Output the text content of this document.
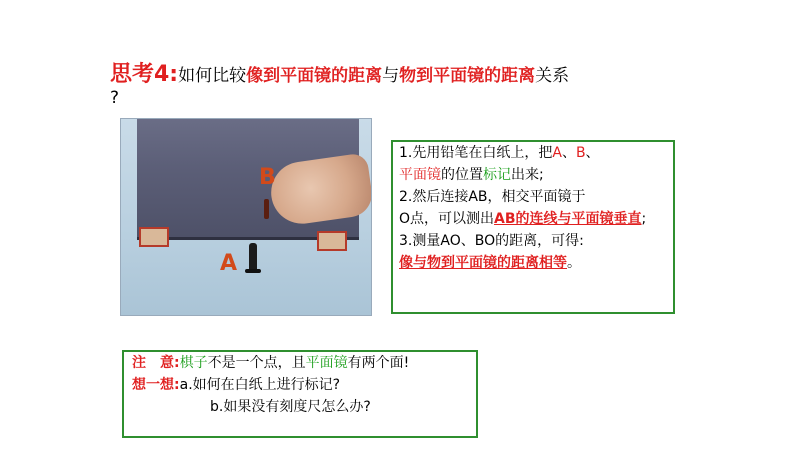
思考4:如何比较像到平面镜的距离与物到平面镜的距离关系
?
B
A

1.先用铅笔在白纸上，把A、B、
平面镜的位置标记出来;

2.然后连接AB，相交平面镜于
O点，可以测出AB的连线与平面镜垂直;

3.测量AO、BO的距离，可得:
像与物到平面镜的距离相等。

注　意:棋子不是一个点，且平面镜有两个面!

想一想:a.如何在白纸上进行标记?

b.如果没有刻度尺怎么办?
